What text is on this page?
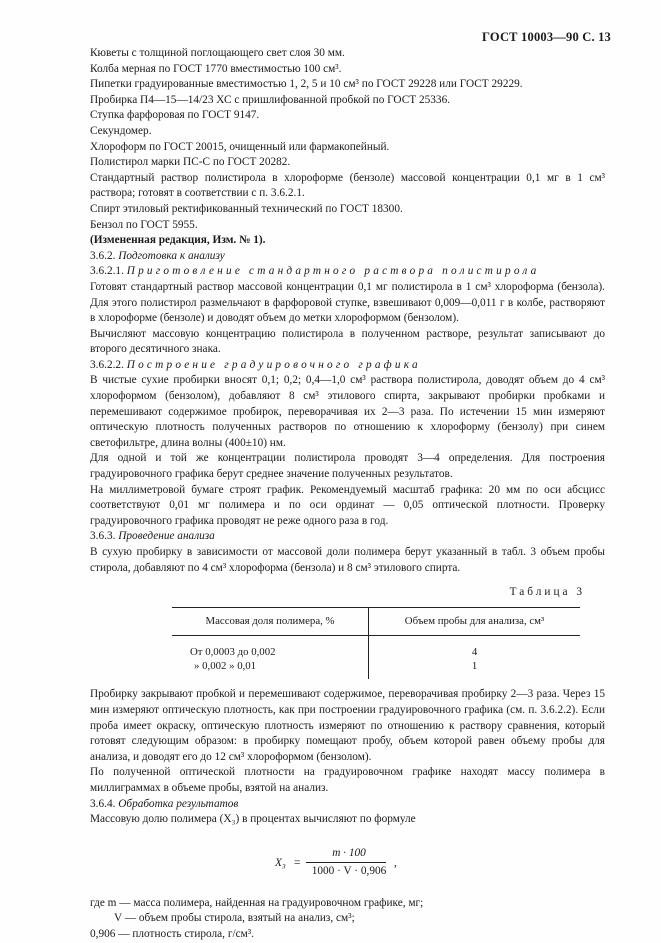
ГОСТ 10003—90 С. 13

Кюветы с толщиной поглощающего свет слоя 30 мм.

Колба мерная по ГОСТ 1770 вместимостью 100 см³.

Пипетки градуированные вместимостью 1, 2, 5 и 10 см³ по ГОСТ 29228 или ГОСТ 29229.

Пробирка П4—15—14/23 ХС с пришлифованной пробкой по ГОСТ 25336.

Ступка фарфоровая по ГОСТ 9147.

Секундомер.

Хлороформ по ГОСТ 20015, очищенный или фармакопейный.

Полистирол марки ПС-С по ГОСТ 20282.

Стандартный раствор полистирола в хлороформе (бензоле) массовой концентрации 0,1 мг в 1 см³ раствора; готовят в соответствии с п. 3.6.2.1.

Спирт этиловый ректификованный технический по ГОСТ 18300.

Бензол по ГОСТ 5955.

(Измененная редакция, Изм. № 1).

3.6.2. Подготовка к анализу

3.6.2.1. Приготовление стандартного раствора полистирола

Готовят стандартный раствор массовой концентрации 0,1 мг полистирола в 1 см³ хлороформа (бензола). Для этого полистирол размельчают в фарфоровой ступке, взвешивают 0,009—0,011 г в колбе, растворяют в хлороформе (бензоле) и доводят объем до метки хлороформом (бензолом).

Вычисляют массовую концентрацию полистирола в полученном растворе, результат записывают до второго десятичного знака.

3.6.2.2. Построение градуировочного графика

В чистые сухие пробирки вносят 0,1; 0,2; 0,4—1,0 см³ раствора полистирола, доводят объем до 4 см³ хлороформом (бензолом), добавляют 8 см³ этилового спирта, закрывают пробирки пробками и перемешивают содержимое пробирок, переворачивая их 2—3 раза. По истечении 15 мин измеряют оптическую плотность полученных растворов по отношению к хлороформу (бензолу) при синем светофильтре, длина волны (400±10) нм.

Для одной и той же концентрации полистирола проводят 3—4 определения. Для построения градуировочного графика берут среднее значение полученных результатов.

На миллиметровой бумаге строят график. Рекомендуемый масштаб графика: 20 мм по оси абсцисс соответствуют 0,01 мг полимера и по оси ординат — 0,05 оптической плотности. Проверку градуировочного графика проводят не реже одного раза в год.

3.6.3. Проведение анализа

В сухую пробирку в зависимости от массовой доли полимера берут указанный в табл. 3 объем пробы стирола, добавляют по 4 см³ хлороформа (бензола) и 8 см³ этилового спирта.

Таблица 3
Массовая доля полимера, %	Объем пробы для анализа, см³
От 0,0003 до 0,002	4
» 0,002 » 0,01	1

Пробирку закрывают пробкой и перемешивают содержимое, переворачивая пробирку 2—3 раза. Через 15 мин измеряют оптическую плотность, как при построении градуировочного графика (см. п. 3.6.2.2). Если проба имеет окраску, оптическую плотность измеряют по отношению к раствору сравнения, который готовят следующим образом: в пробирку помещают пробу, объем которой равен объему пробы для анализа, и доводят его до 12 см³ хлороформом (бензолом).

По полученной оптической плотности на градуировочном графике находят массу полимера в миллиграммах в объеме пробы, взятой на анализ.

3.6.4. Обработка результатов

Массовую долю полимера (X₃) в процентах вычисляют по формуле

X₃ =
m · 100
1000 · V · 0,906
,
где m — масса полимера, найденная на градуировочном графике, мг;
V — объем пробы стирола, взятый на анализ, см³;
0,906 — плотность стирола, г/см³.
